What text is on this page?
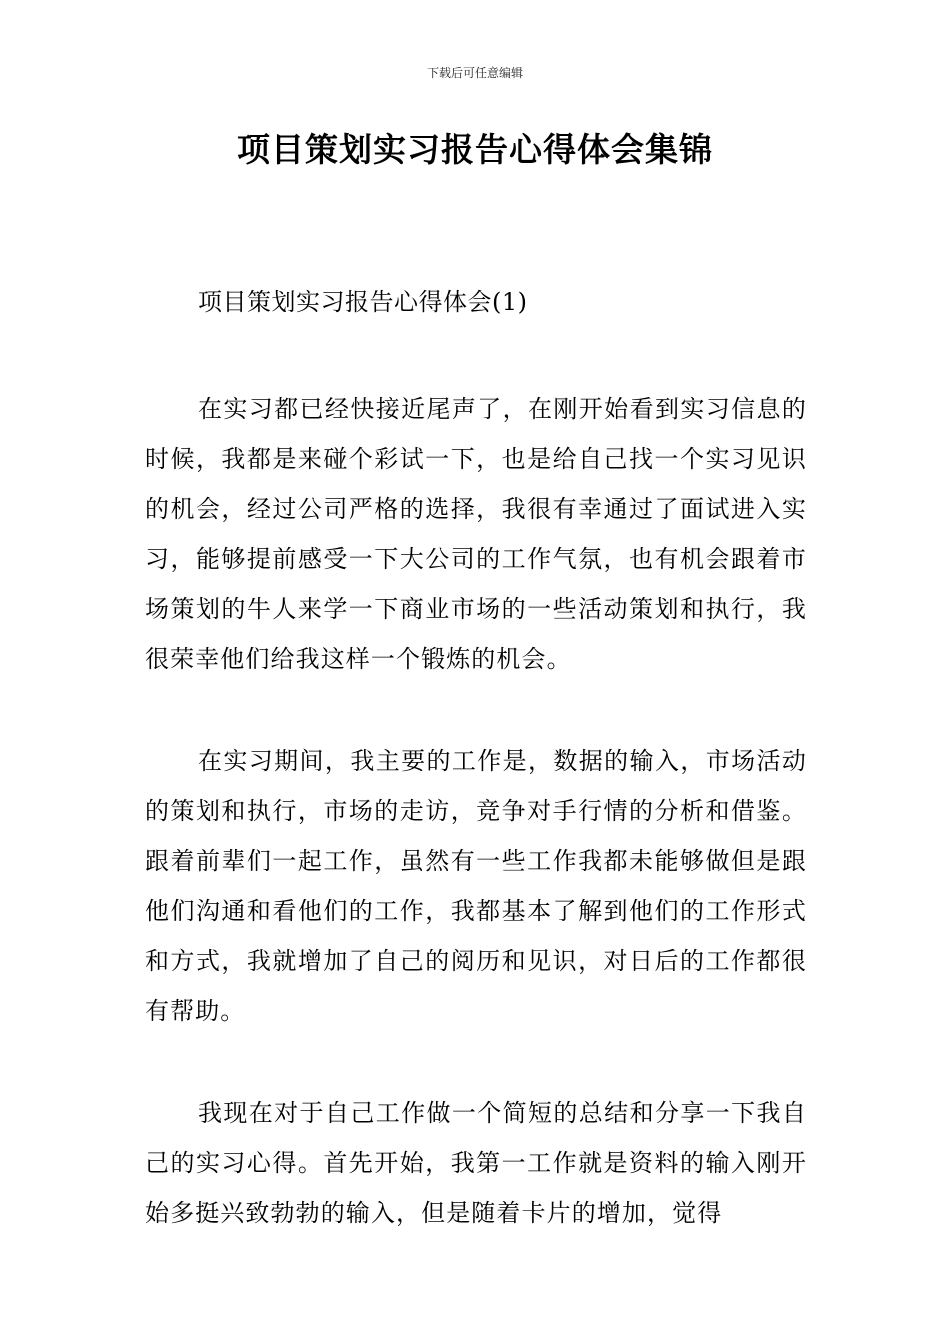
下载后可任意编辑
项目策划实习报告心得体会集锦

项目策划实习报告心得体会(1)

在实习都已经快接近尾声了，在刚开始看到实习信息的时候，我都是来碰个彩试一下，也是给自己找一个实习见识的机会，经过公司严格的选择，我很有幸通过了面试进入实习，能够提前感受一下大公司的工作气氛，也有机会跟着市场策划的牛人来学一下商业市场的一些活动策划和执行，我很荣幸他们给我这样一个锻炼的机会。

在实习期间，我主要的工作是，数据的输入，市场活动的策划和执行，市场的走访，竞争对手行情的分析和借鉴。跟着前辈们一起工作，虽然有一些工作我都未能够做但是跟他们沟通和看他们的工作，我都基本了解到他们的工作形式和方式，我就增加了自己的阅历和见识，对日后的工作都很有帮助。

我现在对于自己工作做一个简短的总结和分享一下我自己的实习心得。首先开始，我第一工作就是资料的输入刚开始多挺兴致勃勃的输入，但是随着卡片的增加，觉得
